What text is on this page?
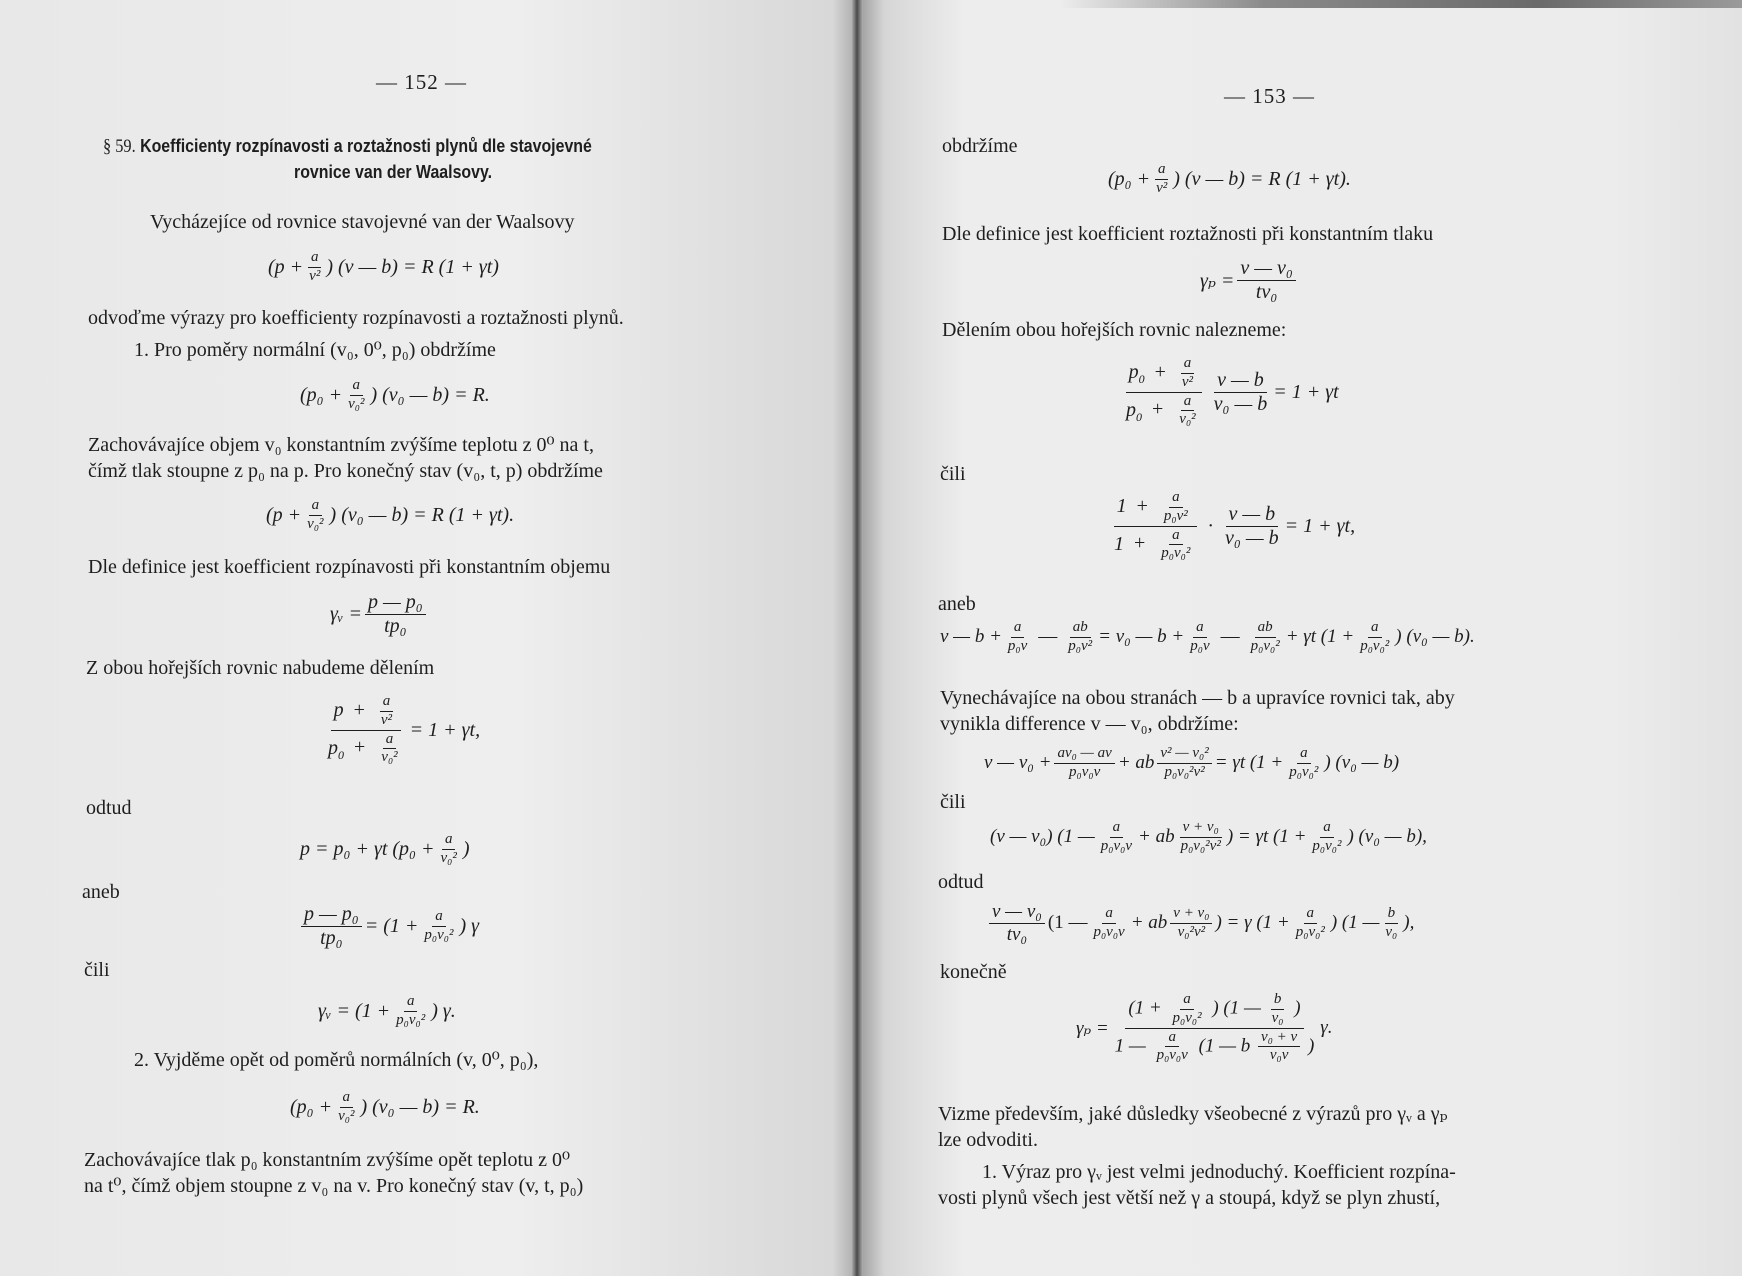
— 152 —
§ 59. Koefficienty rozpínavosti a roztažnosti plynů dle stavojevné
rovnice van der Waalsovy.
Vycházejíce od rovnice stavojevné van der Waalsovy
($p + \frac{a}{\text{v²}}$ ) (v — b) = R (1 + γt)
odvoďme výrazy pro koefficienty rozpínavosti a roztažnosti plynů.
1. Pro poměry normální (v₀, 0⁰, p₀) obdržíme
($p_0 + \frac{a}{\text{v₀²}}$ ) (v₀ — b) = R.
Zachovávajíce objem v₀ konstantním zvýšíme teplotu z 0⁰ na t,
čímž tlak stoupne z p₀ na p. Pro konečný stav (v₀, t, p) obdržíme
($p + \frac{a}{\text{v₀²}}$ ) (v₀ — b) = R (1 + γt).
Dle definice jest koefficient rozpínavosti při konstantním objemu
γᵥ = $\frac{\text{p — p₀}}{\text{tp₀}}$
Z obou hořejších rovnic nabudeme dělením
$\frac{p + \frac{a}{\text{v²}}}{p_0 + \frac{a}{\text{v₀²}}} = 1 + \gamma t$,
odtud
p = p₀ + γt ($p_0 + \frac{a}{\text{v₀²}}$ )
aneb
$\frac{\text{p — p₀}}{\text{tp₀}} = (1 + \frac{a}{\text{p₀v₀²}}$ ) γ
čili
γᵥ = ($1 + \frac{a}{\text{p₀v₀²}}$ ) γ.
2. Vyjděme opět od poměrů normálních (v, 0⁰, p₀),
($p_0 + \frac{a}{\text{v₀²}}$ ) (v₀ — b) = R.
Zachovávajíce tlak p₀ konstantním zvýšíme opět teplotu z 0⁰
na t⁰, čímž objem stoupne z v₀ na v. Pro konečný stav (v, t, p₀)
— 153 —
obdržíme
($p_0 + \frac{a}{\text{v²}}$ ) (v — b) = R (1 + γt).
Dle definice jest koefficient roztažnosti při konstantním tlaku
$\gamma_p = \frac{\text{v — v₀}}{\text{tv₀}}$
Dělením obou hořejších rovnic nalezneme:
$\frac{p_0 + \frac{a}{\text{v²}}}{p_0 + \frac{a}{\text{v₀²}}} \frac{v — b}{\text{v₀ — b}} = 1 + \gamma t$
čili
$\frac{1 + \frac{a}{\text{p₀v²}}}{1 + \frac{a}{\text{p₀v₀²}}} \cdot \frac{v — b}{\text{v₀ — b}} = 1 + \gamma t$,
aneb
v — $b + \frac{a}{\text{p₀v}}$ — $\frac{ab}{\text{p₀v²}} = v_0$ — $b + \frac{a}{\text{p₀v}}$ — $\frac{ab}{\text{p₀v₀²}} + \gamma t$ ($1 + \frac{a}{\text{p₀v₀²}}$ ) (v₀ — b).
Vynechávajíce na obou stranách — b a upravíce rovnici tak, aby
vynikla difference v — v₀, obdržíme:
v — $v_0 + \frac{\text{av₀ — av}}{\text{p₀v₀v}}$ + ab $\frac{\text{v² — v₀²}}{\text{p₀v₀²v²}} = \gamma t$ ($1 + \frac{a}{\text{p₀v₀²}}$ ) (v₀ — b)
čili
(v — v₀) (1 — $\frac{a}{\text{p₀v₀v}}$ + ab $\frac{\text{v + v₀}}{\text{p₀v₀²v²}}$ ) = γt ($1 + \frac{a}{\text{p₀v₀²}}$ ) (v₀ — b),
odtud
$\frac{\text{v — v₀}}{\text{tv₀}} (1$ — $\frac{a}{\text{p₀v₀v}}$ + ab $\frac{\text{v + v₀}}{\text{v₀²v²}}$ ) = γ ($1 + \frac{a}{\text{p₀v₀²}}$ ) (1 — $\frac{b}{\text{v₀}}$ ),
konečně
γₚ =
($1 + \frac{a}{\text{p₀v₀²}}$ ) (1 — $\frac{b}{\text{v₀}}$ )
1 — $\frac{a}{\text{p₀v₀v}} (1$ — b $\frac{\text{v₀ + v}}{\text{v₀v}}$ )
γ.
Vizme především, jaké důsledky všeobecné z výrazů pro γᵥ a γₚ
lze odvoditi.
1. Výraz pro γᵥ jest velmi jednoduchý. Koefficient rozpína-
vosti plynů všech jest větší než γ a stoupá, když se plyn zhustí,
